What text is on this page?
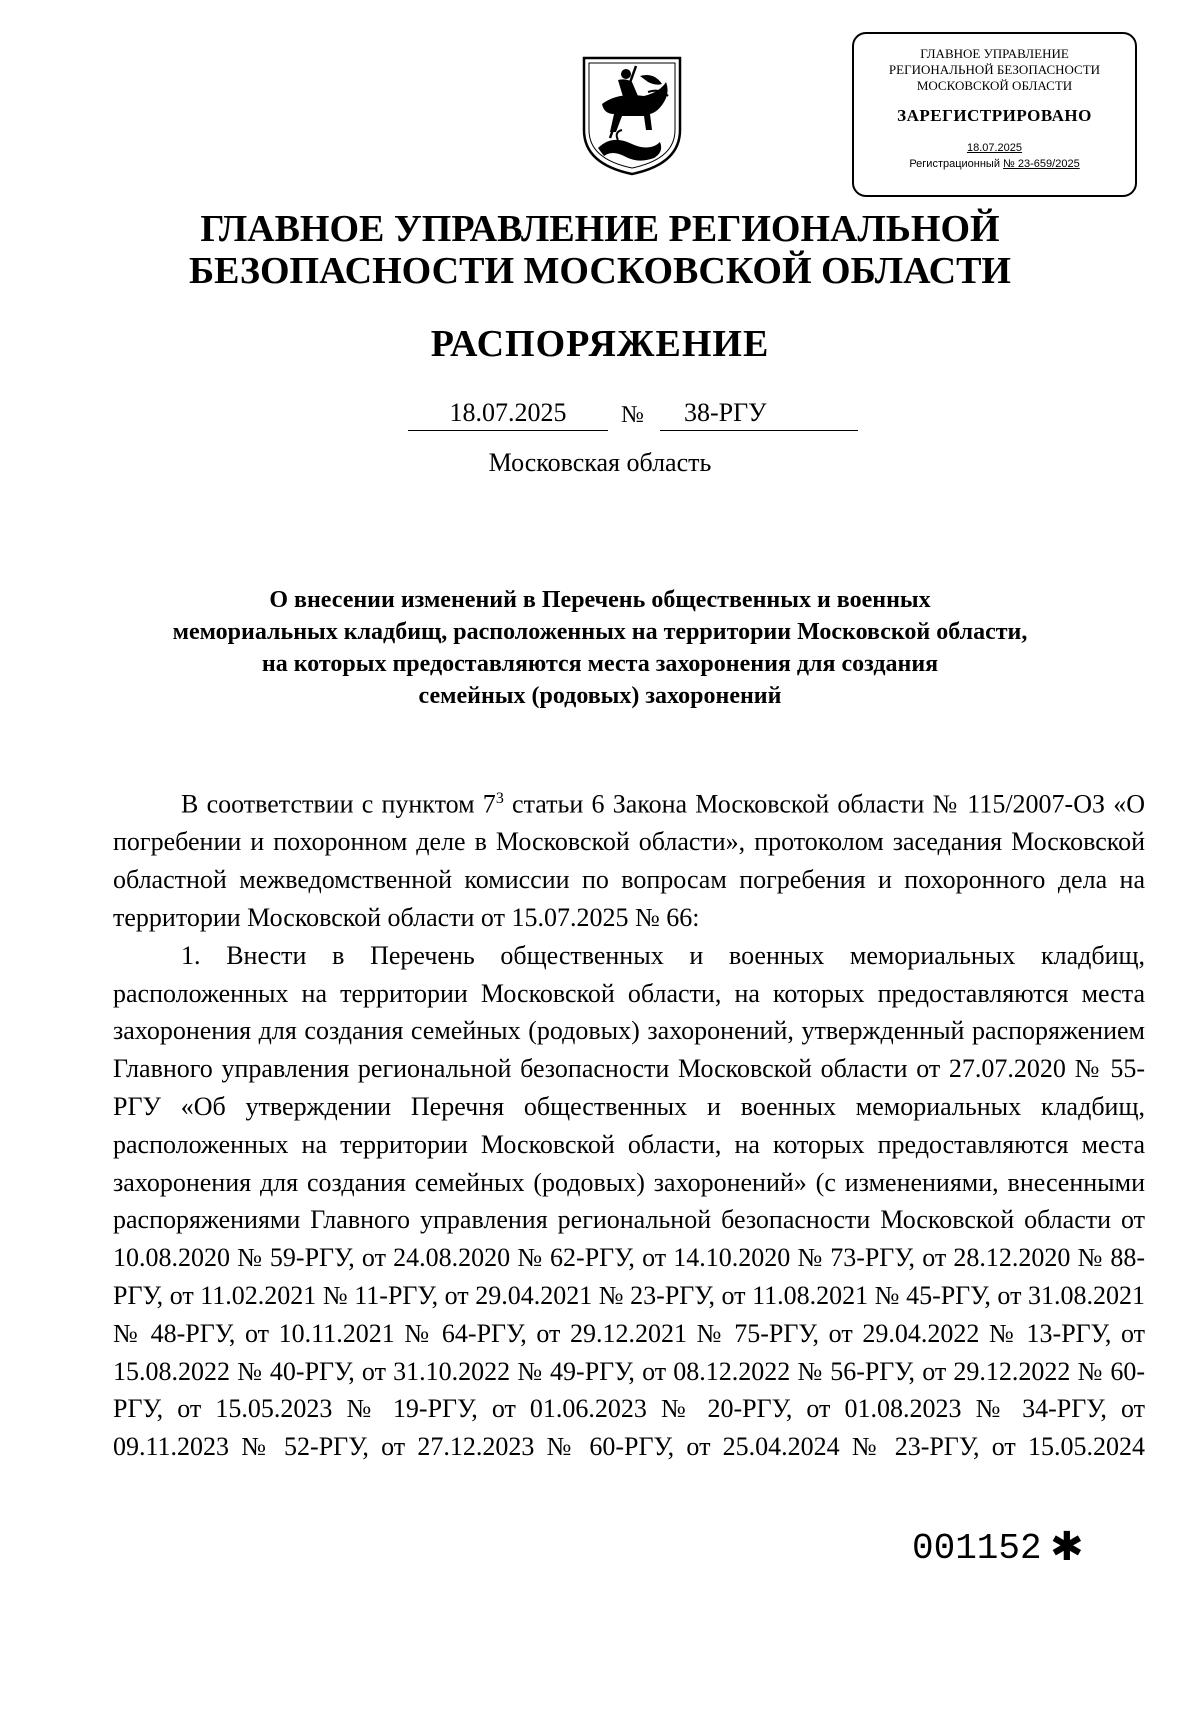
ГЛАВНОЕ УПРАВЛЕНИЕ
РЕГИОНАЛЬНОЙ БЕЗОПАСНОСТИ
МОСКОВСКОЙ ОБЛАСТИ
ЗАРЕГИСТРИРОВАНО
18.07.2025
Регистрационный № 23-659/2025
ГЛАВНОЕ УПРАВЛЕНИЕ РЕГИОНАЛЬНОЙ
БЕЗОПАСНОСТИ МОСКОВСКОЙ ОБЛАСТИ
РАСПОРЯЖЕНИЕ
18.07.2025	№	38-РГУ
Московская область
О внесении изменений в Перечень общественных и военных
мемориальных кладбищ, расположенных на территории Московской области,
на которых предоставляются места захоронения для создания
семейных (родовых) захоронений

В соответствии с пунктом $7^3$ статьи 6 Закона Московской области № 115/2007-ОЗ «О погребении и похоронном деле в Московской области», протоколом заседания Московской областной межведомственной комиссии по вопросам погребения и похоронного дела на территории Московской области от 15.07.2025 № 66:

1. Внести в Перечень общественных и военных мемориальных кладбищ, расположенных на территории Московской области, на которых предоставляются места захоронения для создания семейных (родовых) захоронений, утвержденный распоряжением Главного управления региональной безопасности Московской области от 27.07.2020 № 55-РГУ «Об утверждении Перечня общественных и военных мемориальных кладбищ, расположенных на территории Московской области, на которых предоставляются места захоронения для создания семейных (родовых) захоронений» (с изменениями, внесенными распоряжениями Главного управления региональной безопасности Московской области от 10.08.2020 № 59-РГУ, от 24.08.2020 № 62-РГУ, от 14.10.2020 № 73-РГУ, от 28.12.2020 № 88-РГУ, от 11.02.2021 № 11-РГУ, от 29.04.2021 № 23-РГУ, от 11.08.2021 № 45-РГУ, от 31.08.2021 № 48-РГУ, от 10.11.2021 № 64-РГУ, от 29.12.2021 № 75-РГУ, от 29.04.2022 № 13-РГУ, от 15.08.2022 № 40-РГУ, от 31.10.2022 № 49-РГУ, от 08.12.2022 № 56-РГУ, от 29.12.2022 № 60-РГУ, от 15.05.2023 № 19-РГУ, от 01.06.2023 № 20-РГУ, от 01.08.2023 № 34-РГУ, от 09.11.2023 № 52-РГУ, от 27.12.2023 № 60-РГУ, от 25.04.2024 № 23-РГУ, от 15.05.2024

001152 ✱
